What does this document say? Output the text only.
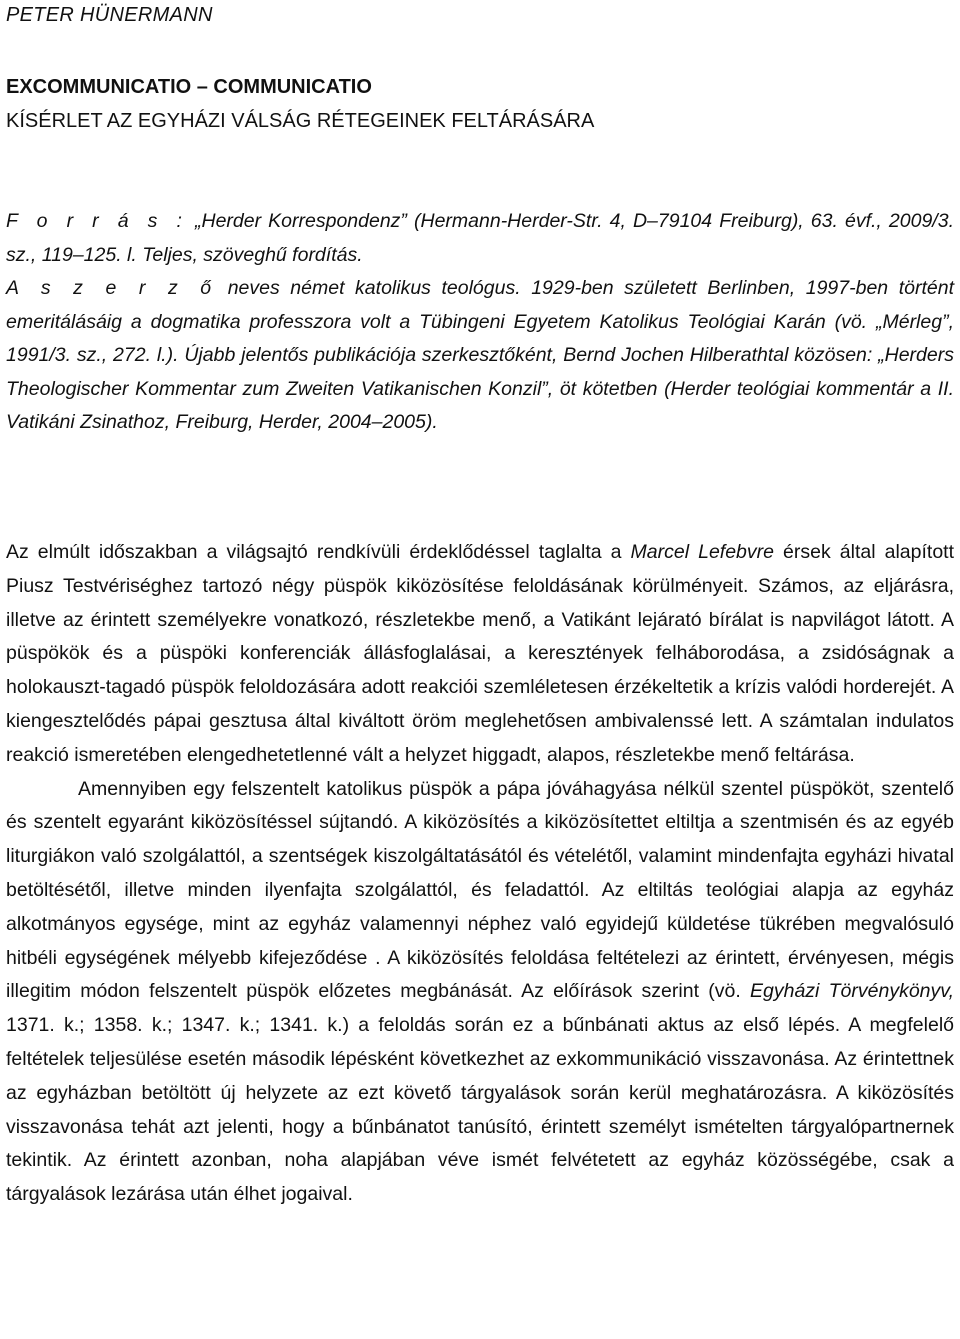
PETER HÜNERMANN
EXCOMMUNICATIO – COMMUNICATIO
KÍSÉRLET AZ EGYHÁZI VÁLSÁG RÉTEGEINEK FELTÁRÁSÁRA
F o r r á s : „Herder Korrespondenz” (Hermann-Herder-Str. 4, D–79104 Freiburg), 63. évf., 2009/3. sz., 119–125. l. Teljes, szöveghű fordítás.
A s z e r z ő neves német katolikus teológus. 1929-ben született Berlinben, 1997-ben történt emeritálásáig a dogmatika professzora volt a Tübingeni Egyetem Katolikus Teológiai Karán (vö. „Mérleg”, 1991/3. sz., 272. l.). Újabb jelentős publikációja szerkesztőként, Bernd Jochen Hilberathtal közösen: „Herders Theologischer Kommentar zum Zweiten Vatikanischen Konzil”, öt kötetben (Herder teológiai kommentár a II. Vatikáni Zsinathoz, Freiburg, Herder, 2004–2005).

Az elmúlt időszakban a világsajtó rendkívüli érdeklődéssel taglalta a Marcel Lefebvre érsek által alapított Piusz Testvériséghez tartozó négy püspök kiközösítése feloldásának körülményeit. Számos, az eljárásra, illetve az érintett személyekre vonatkozó, részletekbe menő, a Vatikánt lejárató bírálat is napvilágot látott. A püspökök és a püspöki konferenciák állásfoglalásai, a keresztények felháborodása, a zsidóságnak a holokauszt-tagadó püspök feloldozására adott reakciói szemléletesen érzékeltetik a krízis valódi horderejét. A kiengesztelődés pápai gesztusa által kiváltott öröm meglehetősen ambivalenssé lett. A számtalan indulatos reakció ismeretében elengedhetetlenné vált a helyzet higgadt, alapos, részletekbe menő feltárása.

Amennyiben egy felszentelt katolikus püspök a pápa jóváhagyása nélkül szentel püspököt, szentelő és szentelt egyaránt kiközösítéssel sújtandó. A kiközösítés a kiközösítettet eltiltja a szentmisén és az egyéb liturgiákon való szolgálattól, a szentségek kiszolgáltatásától és vételétől, valamint mindenfajta egyházi hivatal betöltésétől, illetve minden ilyenfajta szolgálattól, és feladattól. Az eltiltás teológiai alapja az egyház alkotmányos egysége, mint az egyház valamennyi néphez való egyidejű küldetése tükrében megvalósuló hitbéli egységének mélyebb kifejeződése . A kiközösítés feloldása feltételezi az érintett, érvényesen, mégis illegitim módon felszentelt püspök előzetes megbánását. Az előírások szerint (vö. Egyházi Törvénykönyv, 1371. k.; 1358. k.; 1347. k.; 1341. k.) a feloldás során ez a bűnbánati aktus az első lépés. A megfelelő feltételek teljesülése esetén második lépésként következhet az exkommunikáció visszavonása. Az érintettnek az egyházban betöltött új helyzete az ezt követő tárgyalások során kerül meghatározásra. A kiközösítés visszavonása tehát azt jelenti, hogy a bűnbánatot tanúsító, érintett személyt ismételten tárgyalópartnernek tekintik. Az érintett azonban, noha alapjában véve ismét felvétetett az egyház közösségébe, csak a tárgyalások lezárása után élhet jogaival.
